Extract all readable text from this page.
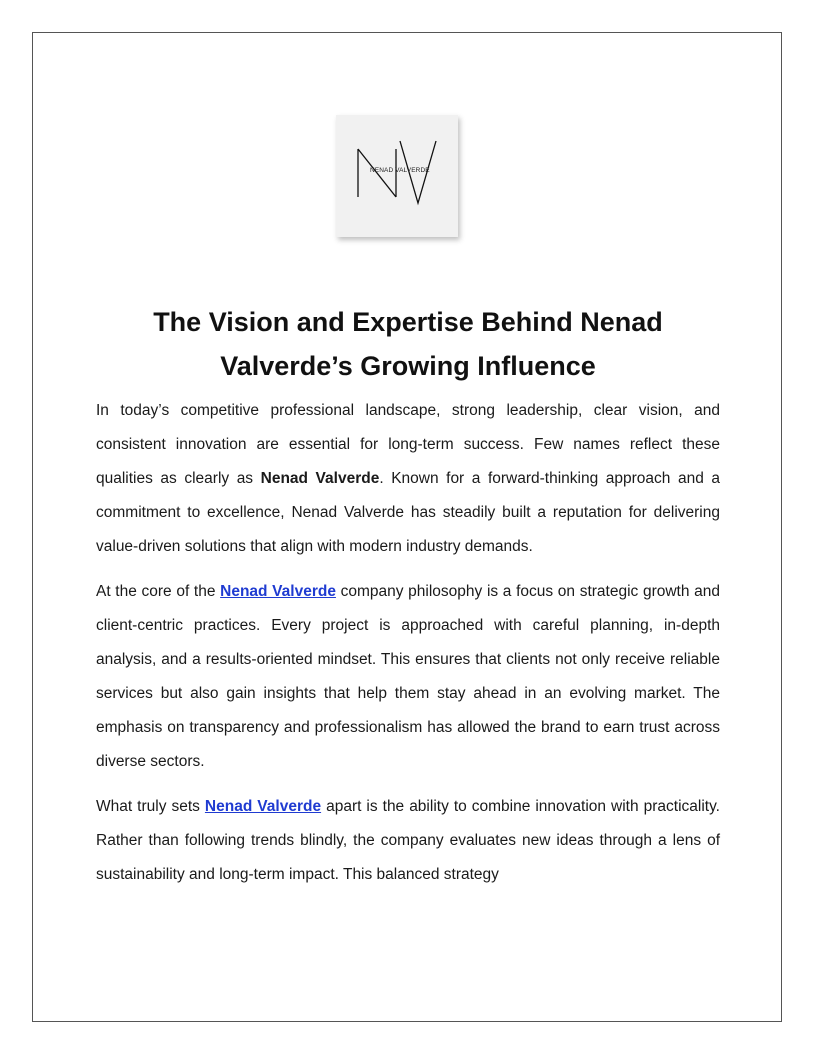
NENAD VALVERDE
The Vision and Expertise Behind Nenad Valverde’s Growing Influence

In today’s competitive professional landscape, strong leadership, clear vision, and consistent innovation are essential for long-term success. Few names reflect these qualities as clearly as Nenad Valverde. Known for a forward-thinking approach and a commitment to excellence, Nenad Valverde has steadily built a reputation for delivering value-driven solutions that align with modern industry demands.

At the core of the Nenad Valverde company philosophy is a focus on strategic growth and client-centric practices. Every project is approached with careful planning, in-depth analysis, and a results-oriented mindset. This ensures that clients not only receive reliable services but also gain insights that help them stay ahead in an evolving market. The emphasis on transparency and professionalism has allowed the brand to earn trust across diverse sectors.

What truly sets Nenad Valverde apart is the ability to combine innovation with practicality. Rather than following trends blindly, the company evaluates new ideas through a lens of sustainability and long-term impact. This balanced strategy
